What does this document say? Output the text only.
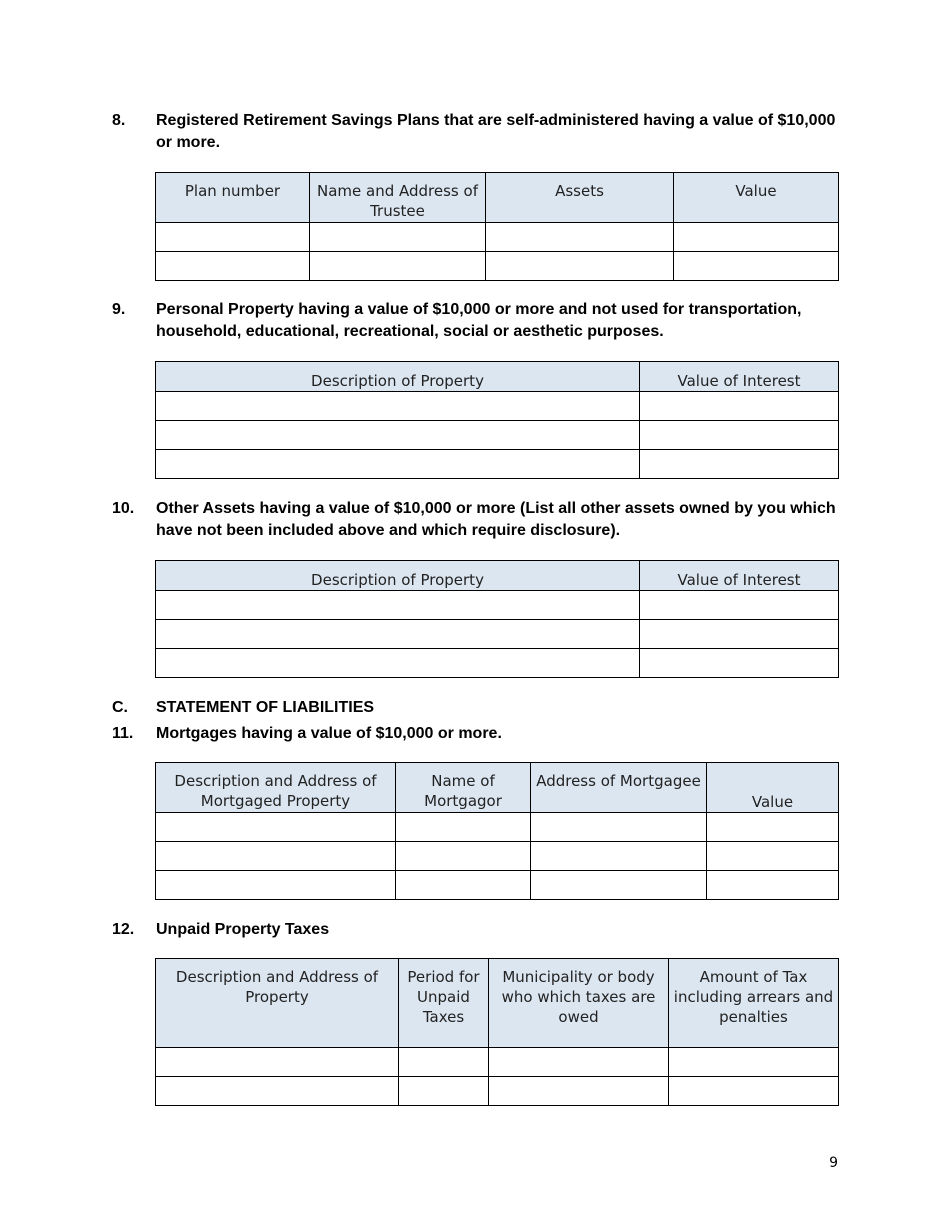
8. Registered Retirement Savings Plans that are self-administered having a value of $10,000 or more.
Plan number	Name and Address of Trustee	Assets	Value

9. Personal Property having a value of $10,000 or more and not used for transportation, household, educational, recreational, social or aesthetic purposes.
Description of Property	Value of Interest

10. Other Assets having a value of $10,000 or more (List all other assets owned by you which have not been included above and which require disclosure).
Description of Property	Value of Interest

C. STATEMENT OF LIABILITIES
11. Mortgages having a value of $10,000 or more.
Description and Address of Mortgaged Property	Name of Mortgagor	Address of Mortgagee	Value

12. Unpaid Property Taxes
Description and Address of Property	Period for Unpaid Taxes	Municipality or body who which taxes are owed	Amount of Tax including arrears and penalties

9
